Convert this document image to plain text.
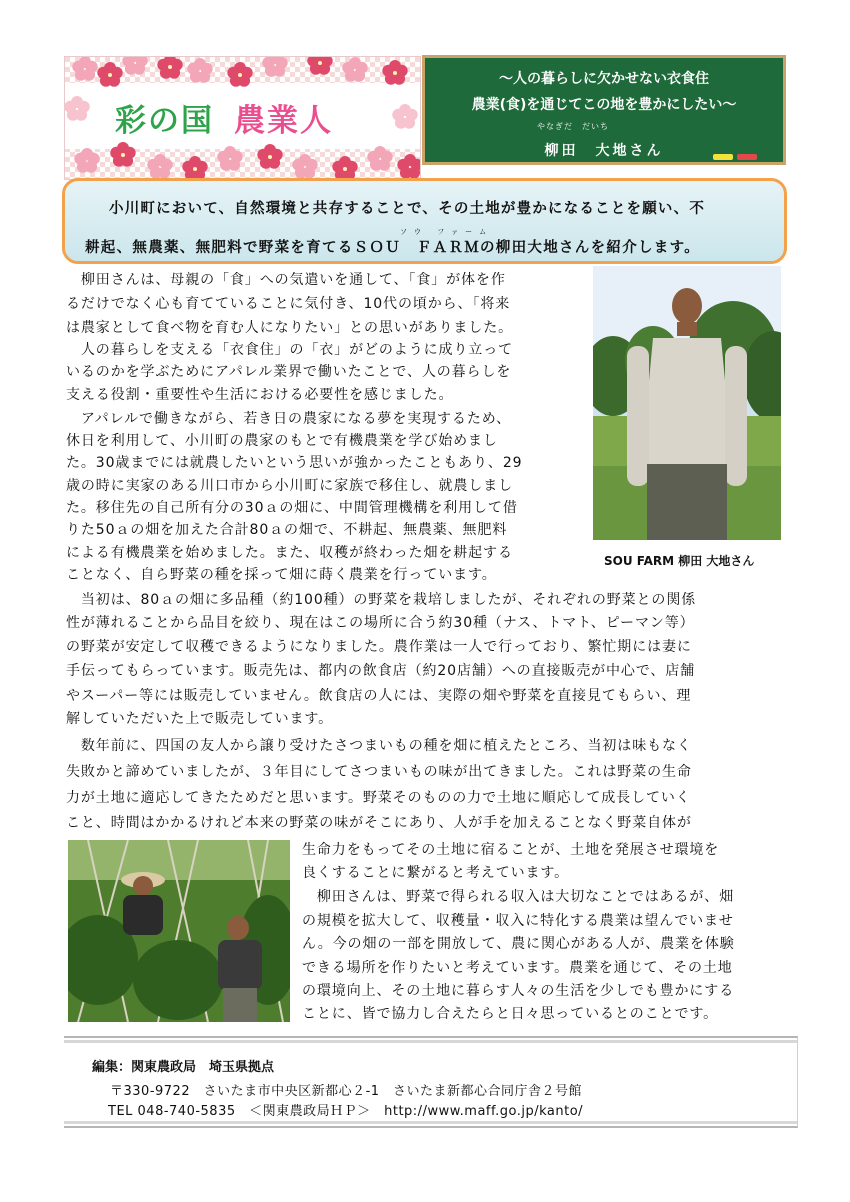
彩の国 農業人
～人の暮らしに欠かせない衣食住
農業(食)を通じてこの地を豊かにしたい～
やなぎだ　だいち
柳田　大地さん
小川町において、自然環境と共存することで、その土地が豊かになることを願い、不
ソウ ファーム
耕起、無農薬、無肥料で野菜を育てるＳＯＵ　ＦＡＲＭの柳田大地さんを紹介します。
　柳田さんは、母親の「食」への気遣いを通して、「食」が体を作
るだけでなく心も育てていることに気付き、10代の頃から、「将来
は農家として食べ物を育む人になりたい」との思いがありました。
　人の暮らしを支える「衣食住」の「衣」がどのように成り立って
いるのかを学ぶためにアパレル業界で働いたことで、人の暮らしを
支える役割・重要性や生活における必要性を感じました。
　アパレルで働きながら、若き日の農家になる夢を実現するため、
休日を利用して、小川町の農家のもとで有機農業を学び始めまし
た。30歳までには就農したいという思いが強かったこともあり、29
歳の時に実家のある川口市から小川町に家族で移住し、就農しまし
た。移住先の自己所有分の30ａの畑に、中間管理機構を利用して借
りた50ａの畑を加えた合計80ａの畑で、不耕起、無農薬、無肥料
による有機農業を始めました。また、収穫が終わった畑を耕起する
ことなく、自ら野菜の種を採って畑に蒔く農業を行っています。
　当初は、80ａの畑に多品種（約100種）の野菜を栽培しましたが、それぞれの野菜との関係
性が薄れることから品目を絞り、現在はこの場所に合う約30種（ナス、トマト、ピーマン等）
の野菜が安定して収穫できるようになりました。農作業は一人で行っており、繁忙期には妻に
手伝ってもらっています。販売先は、都内の飲食店（約20店舗）への直接販売が中心で、店舗
やスーパー等には販売していません。飲食店の人には、実際の畑や野菜を直接見てもらい、理
解していただいた上で販売しています。
　数年前に、四国の友人から譲り受けたさつまいもの種を畑に植えたところ、当初は味もなく
失敗かと諦めていましたが、３年目にしてさつまいもの味が出てきました。これは野菜の生命
力が土地に適応してきたためだと思います。野菜そのものの力で土地に順応して成長していく
こと、時間はかかるけれど本来の野菜の味がそこにあり、人が手を加えることなく野菜自体が
生命力をもってその土地に宿ることが、土地を発展させ環境を
良くすることに繋がると考えています。
　柳田さんは、野菜で得られる収入は大切なことではあるが、畑
の規模を拡大して、収穫量・収入に特化する農業は望んでいませ
ん。今の畑の一部を開放して、農に関心がある人が、農業を体験
できる場所を作りたいと考えています。農業を通じて、その土地
の環境向上、その土地に暮らす人々の生活を少しでも豊かにする
ことに、皆で協力し合えたらと日々思っているとのことです。
SOU FARM 柳田 大地さん
編集：関東農政局　埼玉県拠点
〒330-9722　さいたま市中央区新都心２-1　さいたま新都心合同庁舎２号館
TEL 048-740-5835　＜関東農政局ＨＰ＞　http://www.maff.go.jp/kanto/
